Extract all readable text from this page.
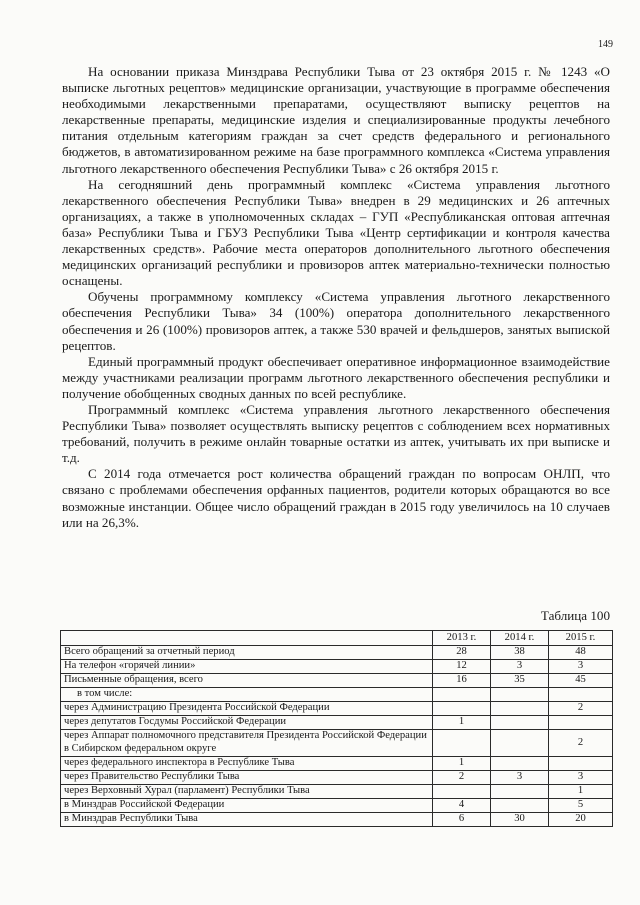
149

На основании приказа Минздрава Республики Тыва от 23 октября 2015 г. № 1243 «О выписке льготных рецептов» медицинские организации, участвующие в программе обеспечения необходимыми лекарственными препаратами, осуществляют выписку рецептов на лекарственные препараты, медицинские изделия и специализированные продукты лечебного питания отдельным категориям граждан за счет средств федерального и регионального бюджетов, в автоматизированном режиме на базе программного комплекса «Система управления льготного лекарственного обеспечения Республики Тыва» с 26 октября 2015 г.

На сегодняшний день программный комплекс «Система управления льготного лекарственного обеспечения Республики Тыва» внедрен в 29 медицинских и 26 аптечных организациях, а также в уполномоченных складах – ГУП «Республиканская оптовая аптечная база» Республики Тыва и ГБУЗ Республики Тыва «Центр сертификации и контроля качества лекарственных средств». Рабочие места операторов дополнительного льготного обеспечения медицинских организаций республики и провизоров аптек материально-технически полностью оснащены.

Обучены программному комплексу «Система управления льготного лекарственного обеспечения Республики Тыва» 34 (100%) оператора дополнительного лекарственного обеспечения и 26 (100%) провизоров аптек, а также 530 врачей и фельдшеров, занятых выпиской рецептов.

Единый программный продукт обеспечивает оперативное информационное взаимодействие между участниками реализации программ льготного лекарственного обеспечения республики и получение обобщенных сводных данных по всей республике.

Программный комплекс «Система управления льготного лекарственного обеспечения Республики Тыва» позволяет осуществлять выписку рецептов с соблюдением всех нормативных требований, получить в режиме онлайн товарные остатки из аптек, учитывать их при выписке и т.д.

С 2014 года отмечается рост количества обращений граждан по вопросам ОНЛП, что связано с проблемами обеспечения орфанных пациентов, родители которых обращаются во все возможные инстанции. Общее число обращений граждан в 2015 году увеличилось на 10 случаев или на 26,3%.

Таблица 100
	2013 г.	2014 г.	2015 г.
Всего обращений за отчетный период	28	38	48
На телефон «горячей линии»	12	3	3
Письменные обращения, всего	16	35	45
в том числе:			
через Администрацию Президента Российской Федерации			2
через депутатов Госдумы Российской Федерации	1		
через Аппарат полномочного представителя Президента Российской Федерации в Сибирском федеральном округе			2
через федерального инспектора в Республике Тыва	1		
через Правительство Республики Тыва	2	3	3
через Верховный Хурал (парламент) Республики Тыва			1
в Минздрав Российской Федерации	4		5
в Минздрав Республики Тыва	6	30	20
